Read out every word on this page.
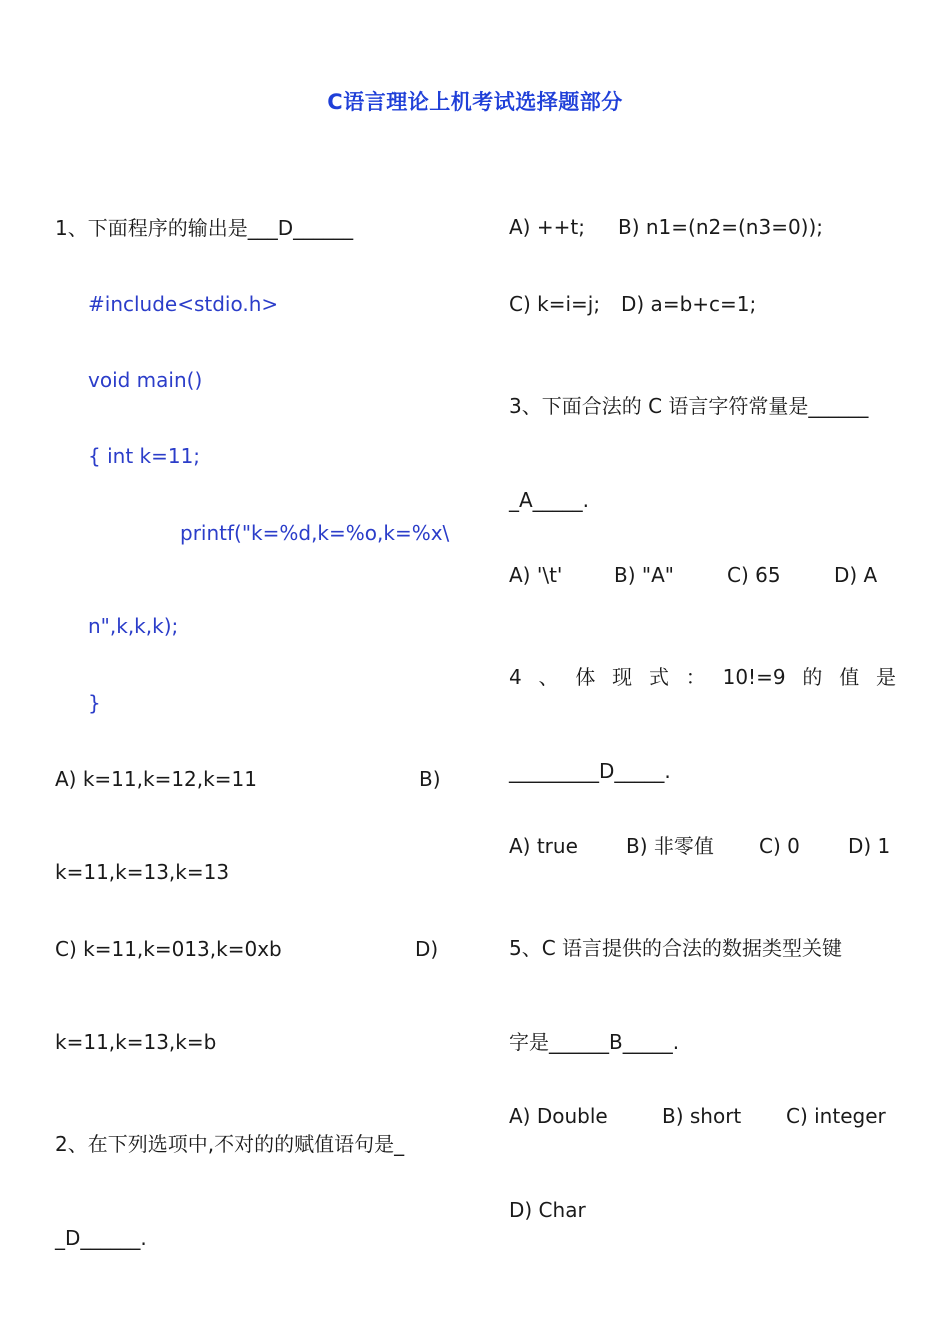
C语言理论上机考试选择题部分
1、下面程序的输出是___D______
#include<stdio.h>
void main()
{ int k=11;
printf("k=%d,k=%o,k=%x\
n",k,k,k);
}
A) k=11,k=12,k=11	B)
k=11,k=13,k=13
C) k=11,k=013,k=0xb	D)
k=11,k=13,k=b
2、在下列选项中,不对的的赋值语句是_
_D______.
A) ++t; B) n1=(n2=(n3=0));
C) k=i=j; D) a=b+c=1;
3、下面合法的 C 语言字符常量是______
_A_____.
A) '\t'	B) "A"	C) 65	D) A
4 、 体 现 式 ： 10!=9 的 值 是
_________D_____.
A) true B) 非零值 C) 0 D) 1
5、C 语言提供的合法的数据类型关键
字是______B_____.
A) Double	B) short C) integer
D) Char
